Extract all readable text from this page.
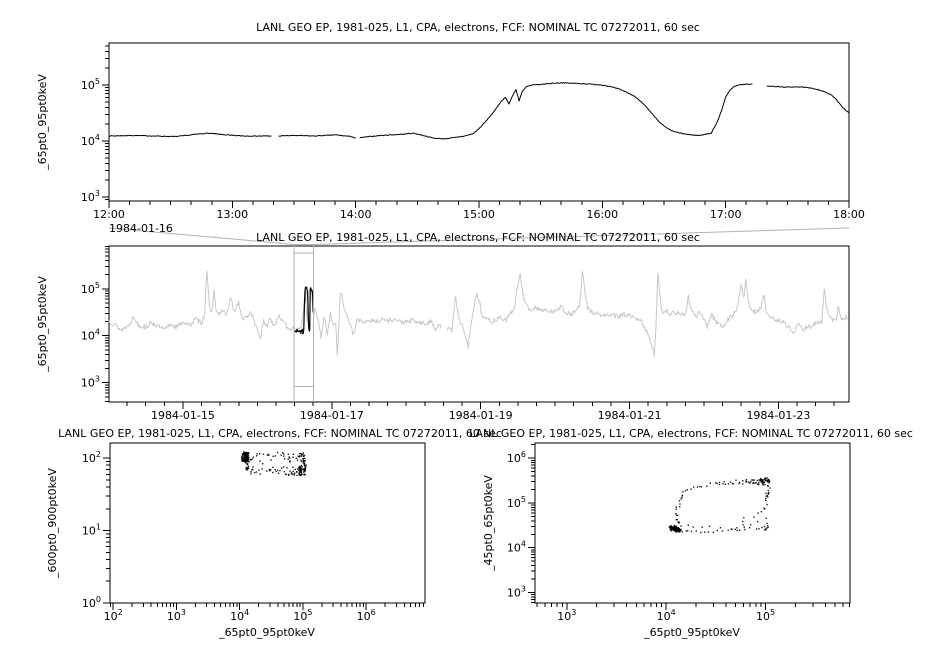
$10^3$
$10^4$
$10^5$
12:00	13:00	14:00	15:00	16:00	17:00	18:00
$10^3$
$10^4$
$10^5$
1984-01-15	1984-01-17	1984-01-19	1984-01-21	1984-01-23
$10^0$
$10^1$
$10^2$
$10^2$	$10^3$	$10^4$	$10^5$	$10^6$
$10^3$
$10^4$
$10^5$
$10^6$
$10^3$	$10^4$	$10^5$
LANL GEO EP, 1981-025, L1, CPA, electrons, FCF: NOMINAL TC 07272011, 60 sec
LANL GEO EP, 1981-025, L1, CPA, electrons, FCF: NOMINAL TC 07272011, 60 sec
LANL GEO EP, 1981-025, L1, CPA, electrons, FCF: NOMINAL TC 07272011, 60 sec
LANL GEO EP, 1981-025, L1, CPA, electrons, FCF: NOMINAL TC 07272011, 60 sec
_65pt0_95pt0keV
_65pt0_95pt0keV
_600pt0_900pt0keV	_45pt0_65pt0keV
_65pt0_95pt0keV	_65pt0_95pt0keV
1984-01-16
